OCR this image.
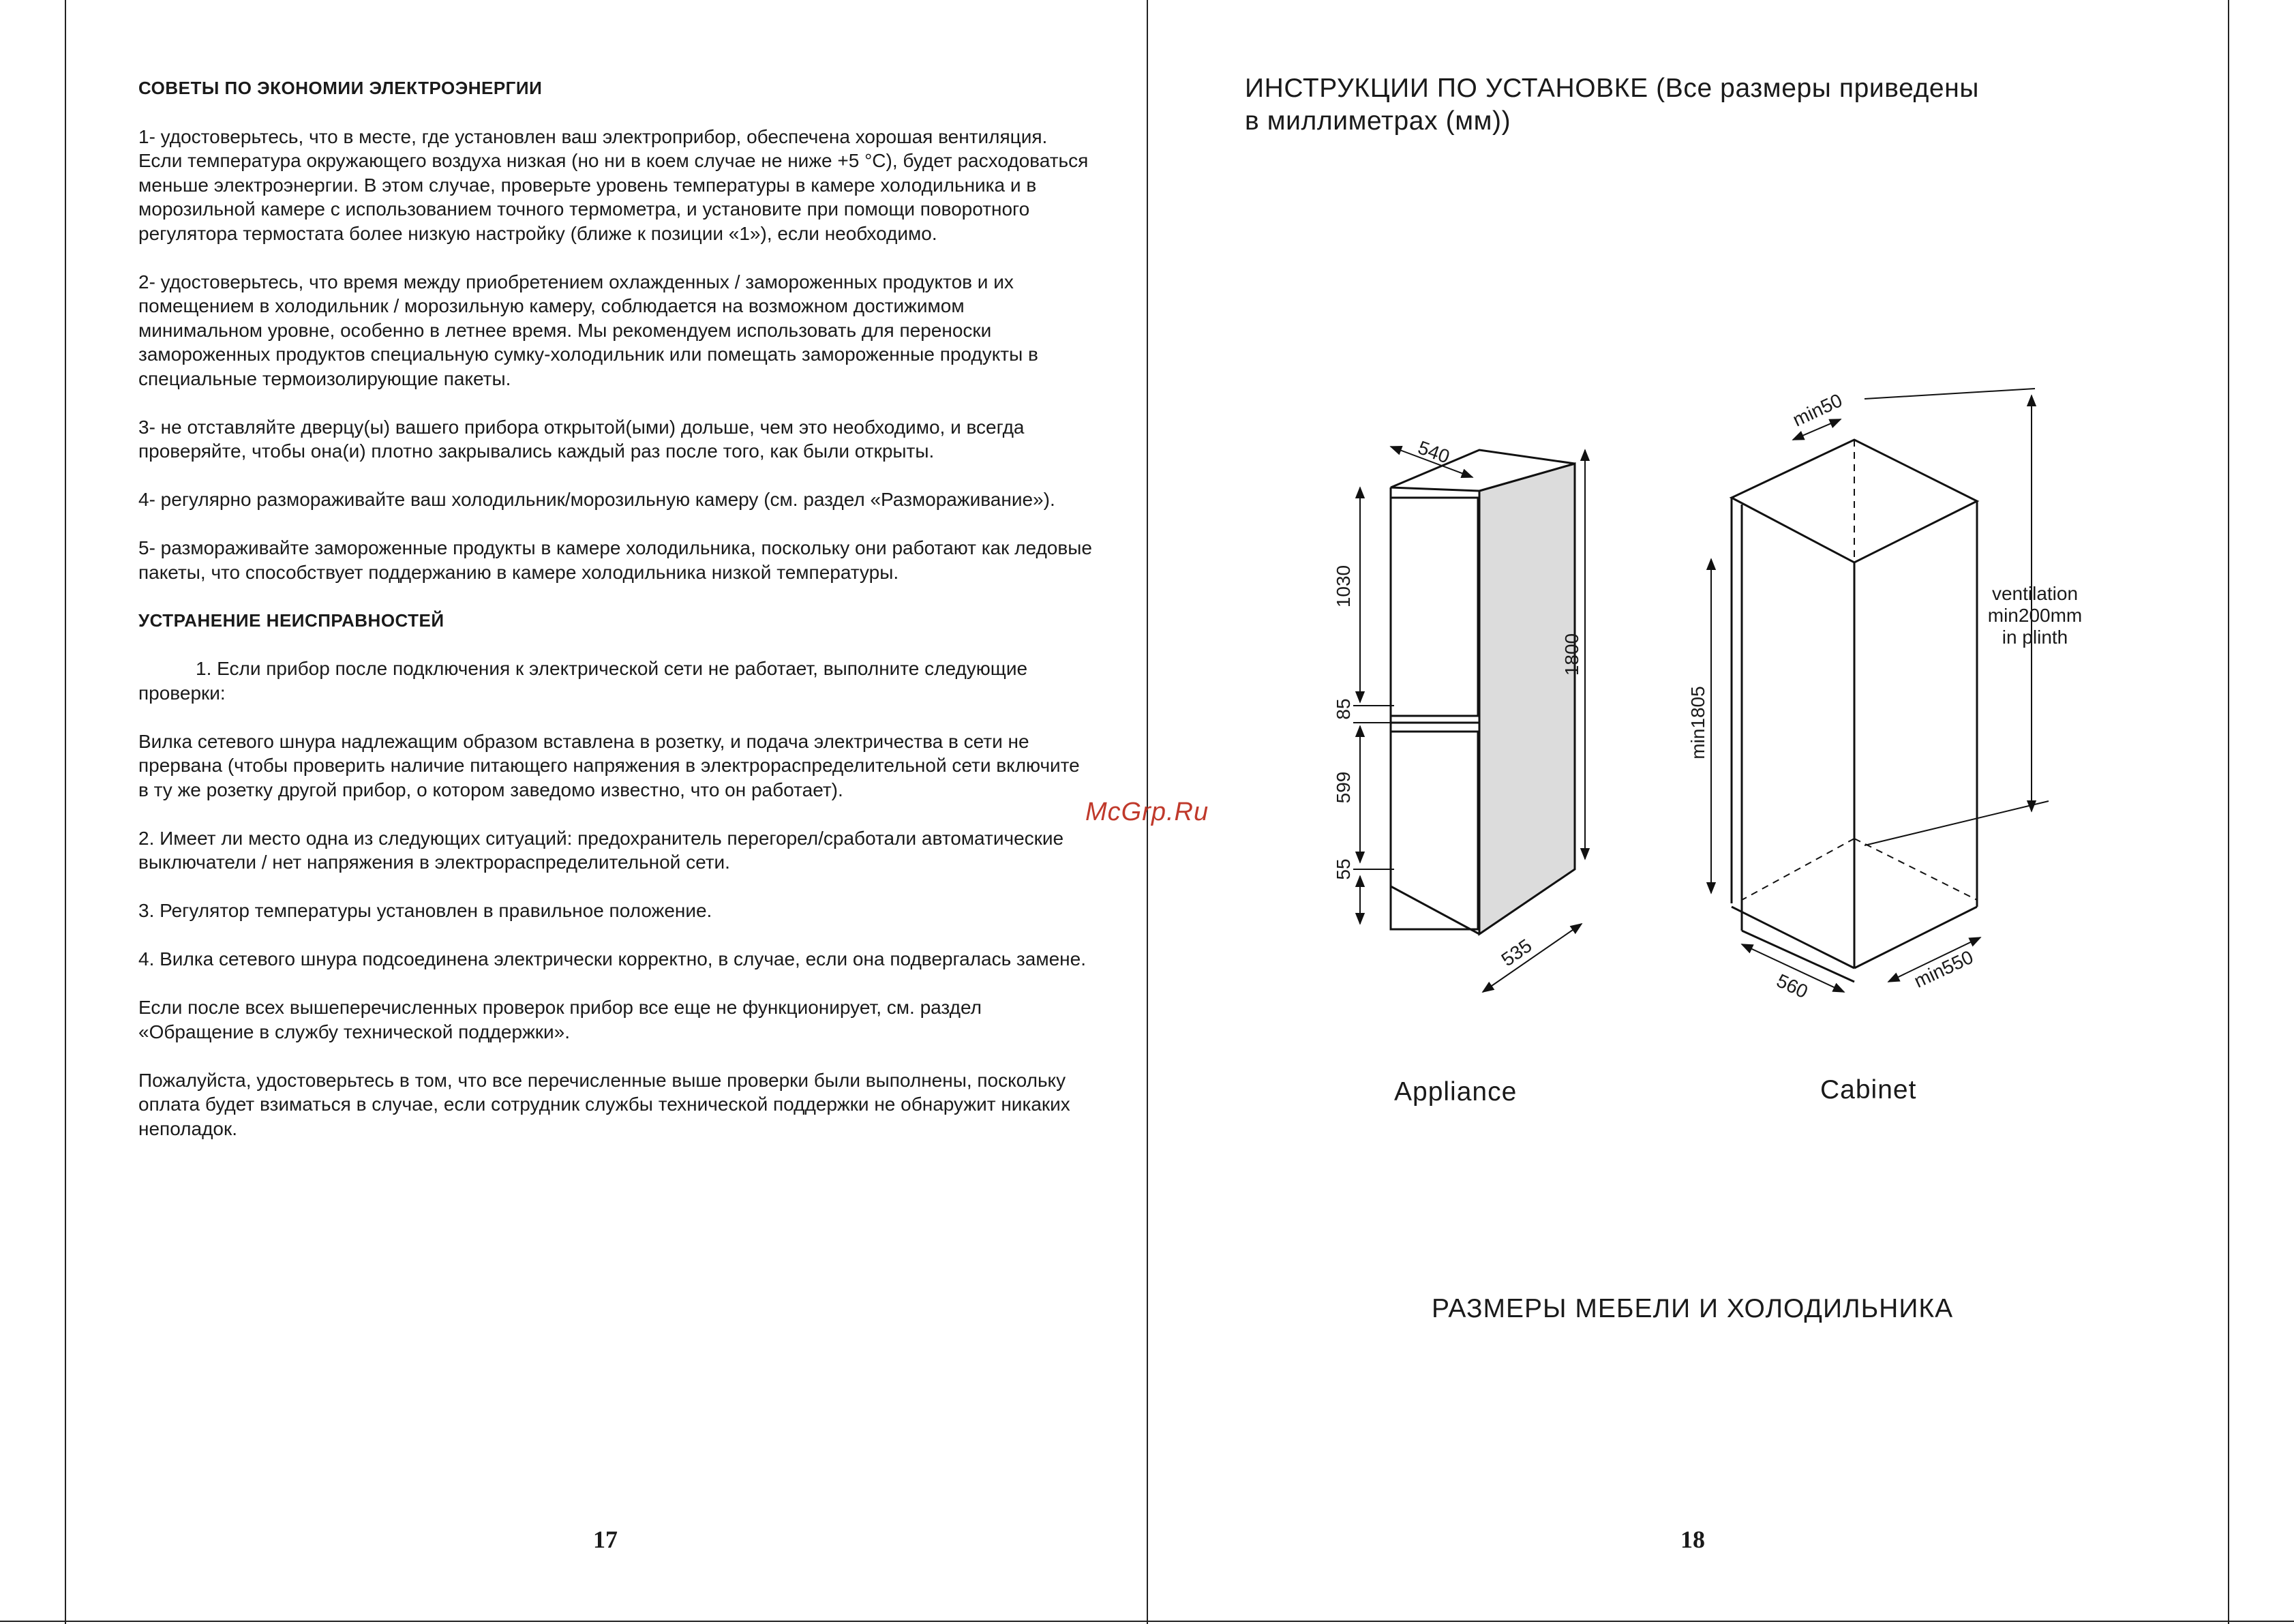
СОВЕТЫ ПО ЭКОНОМИИ ЭЛЕКТРОЭНЕРГИИ

1- удостоверьтесь, что в месте, где установлен ваш электроприбор, обеспечена хорошая вентиляция. Если температура окружающего воздуха низкая (но ни в коем случае не ниже +5 °С), будет расходоваться меньше электроэнергии. В этом случае, проверьте уровень температуры в камере холодильника и в морозильной камере с использованием точного термометра, и установите при помощи поворотного регулятора термостата более низкую настройку (ближе к позиции «1»), если необходимо.

2- удостоверьтесь, что время между приобретением охлажденных / замороженных продуктов и их помещением в холодильник / морозильную камеру, соблюдается на возможном достижимом минимальном уровне, особенно в летнее время. Мы рекомендуем использовать для переноски замороженных продуктов специальную сумку-холодильник или помещать замороженные продукты в специальные термоизолирующие пакеты.

3- не отставляйте дверцу(ы) вашего прибора открытой(ыми) дольше, чем это необходимо, и всегда проверяйте, чтобы она(и) плотно закрывались каждый раз после того, как были открыты.

4- регулярно размораживайте ваш холодильник/морозильную камеру (см. раздел «Размораживание»).

5- размораживайте замороженные продукты в камере холодильника, поскольку они работают как ледовые пакеты, что способствует поддержанию в камере холодильника низкой температуры.

УСТРАНЕНИЕ НЕИСПРАВНОСТЕЙ

1. Если прибор после подключения к электрической сети не работает, выполните следующие проверки:

Вилка сетевого шнура надлежащим образом вставлена в розетку, и подача электричества в сети не прервана (чтобы проверить наличие питающего напряжения в электрораспределительной сети включите в ту же розетку другой прибор, о котором заведомо известно, что он работает).

2. Имеет ли место одна из следующих ситуаций: предохранитель перегорел/сработали автоматические выключатели / нет напряжения в электрораспределительной сети.

3. Регулятор температуры установлен в правильное положение.

4. Вилка сетевого шнура подсоединена электрически корректно, в случае, если она подвергалась замене.

Если после всех вышеперечисленных проверок прибор все еще не функционирует, см. раздел «Обращение в службу технической поддержки».

Пожалуйста, удостоверьтесь в том, что все перечисленные выше проверки были выполнены, поскольку оплата будет взиматься в случае, если сотрудник службы технической поддержки не обнаружит никаких неполадок.

17
McGrp.Ru
ИНСТРУКЦИИ ПО УСТАНОВКЕ (Все размеры приведены в миллиметрах (мм))
540
1030
85
599
55
1800
535
min50
min1805
ventilation
min200mm
in plinth
560	min550
Appliance	Cabinet
РАЗМЕРЫ МЕБЕЛИ И ХОЛОДИЛЬНИКА
18
